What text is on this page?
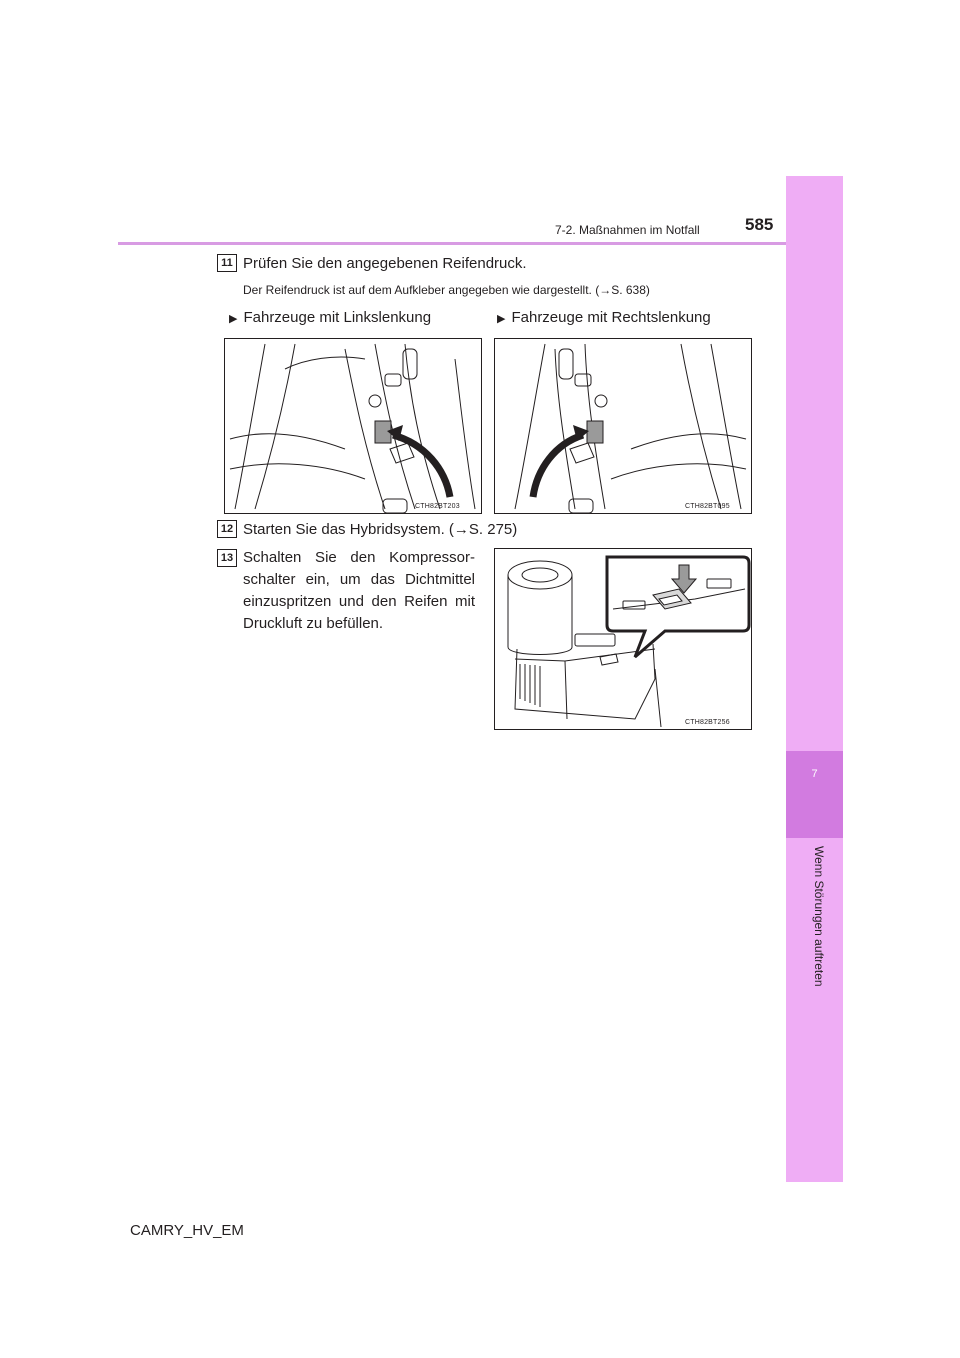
7
Wenn Störungen auftreten
7-2. Maßnahmen im Notfall	585
11 Prüfen Sie den angegebenen Reifendruck.
Der Reifendruck ist auf dem Aufkleber angegeben wie dargestellt. (→S. 638)
▶ Fahrzeuge mit Linkslenkung	▶ Fahrzeuge mit Rechtslenkung
CTH82BT203	CTH82BT095
12 Starten Sie das Hybridsystem. (→S. 275)
13 Schalten Sie den Kompressor-
schalter ein, um das Dichtmittel
einzuspritzen und den Reifen mit
Druckluft zu befüllen.
CTH82BT256
CAMRY_HV_EM
